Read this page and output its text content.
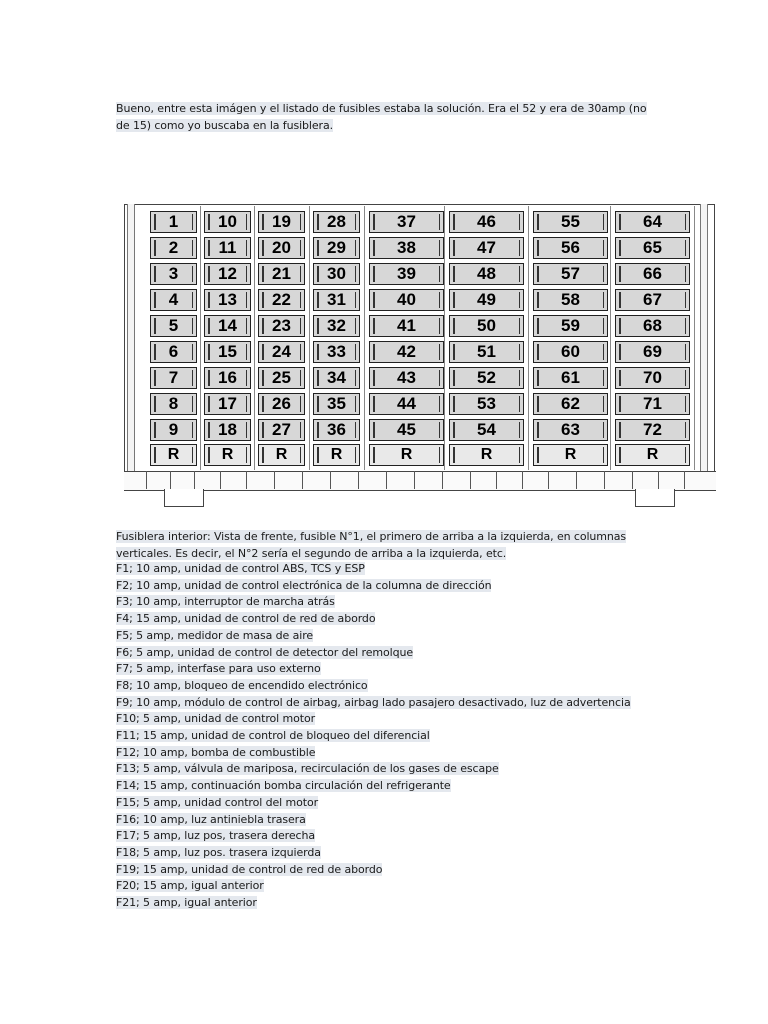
Bueno, entre esta imágen y el listado de fusibles estaba la solución. Era el 52 y era de 30amp (no de 15) como yo buscaba en la fusiblera.
1
2
3
4
5
6
7
8
9
R
10
11
12
13
14
15
16
17
18
R
19
20
21
22
23
24
25
26
27
R
28
29
30
31
32
33
34
35
36
R
37
38
39
40
41
42
43
44
45
R
46
47
48
49
50
51
52
53
54
R
55
56
57
58
59
60
61
62
63
R
64
65
66
67
68
69
70
71
72
R
Fusiblera interior: Vista de frente, fusible N°1, el primero de arriba a la izquierda, en columnas verticales. Es decir, el N°2 sería el segundo de arriba a la izquierda, etc.
F1; 10 amp, unidad de control ABS, TCS y ESP
F2; 10 amp, unidad de control electrónica de la columna de dirección
F3; 10 amp, interruptor de marcha atrás
F4; 15 amp, unidad de control de red de abordo
F5; 5 amp, medidor de masa de aire
F6; 5 amp, unidad de control de detector del remolque
F7; 5 amp, interfase para uso externo
F8; 10 amp, bloqueo de encendido electrónico
F9; 10 amp, módulo de control de airbag, airbag lado pasajero desactivado, luz de advertencia
F10; 5 amp, unidad de control motor
F11; 15 amp, unidad de control de bloqueo del diferencial
F12; 10 amp, bomba de combustible
F13; 5 amp, válvula de mariposa, recirculación de los gases de escape
F14; 15 amp, continuación bomba circulación del refrigerante
F15; 5 amp, unidad control del motor
F16; 10 amp, luz antiniebla trasera
F17; 5 amp, luz pos, trasera derecha
F18; 5 amp, luz pos. trasera izquierda
F19; 15 amp, unidad de control de red de abordo
F20; 15 amp, igual anterior
F21; 5 amp, igual anterior
